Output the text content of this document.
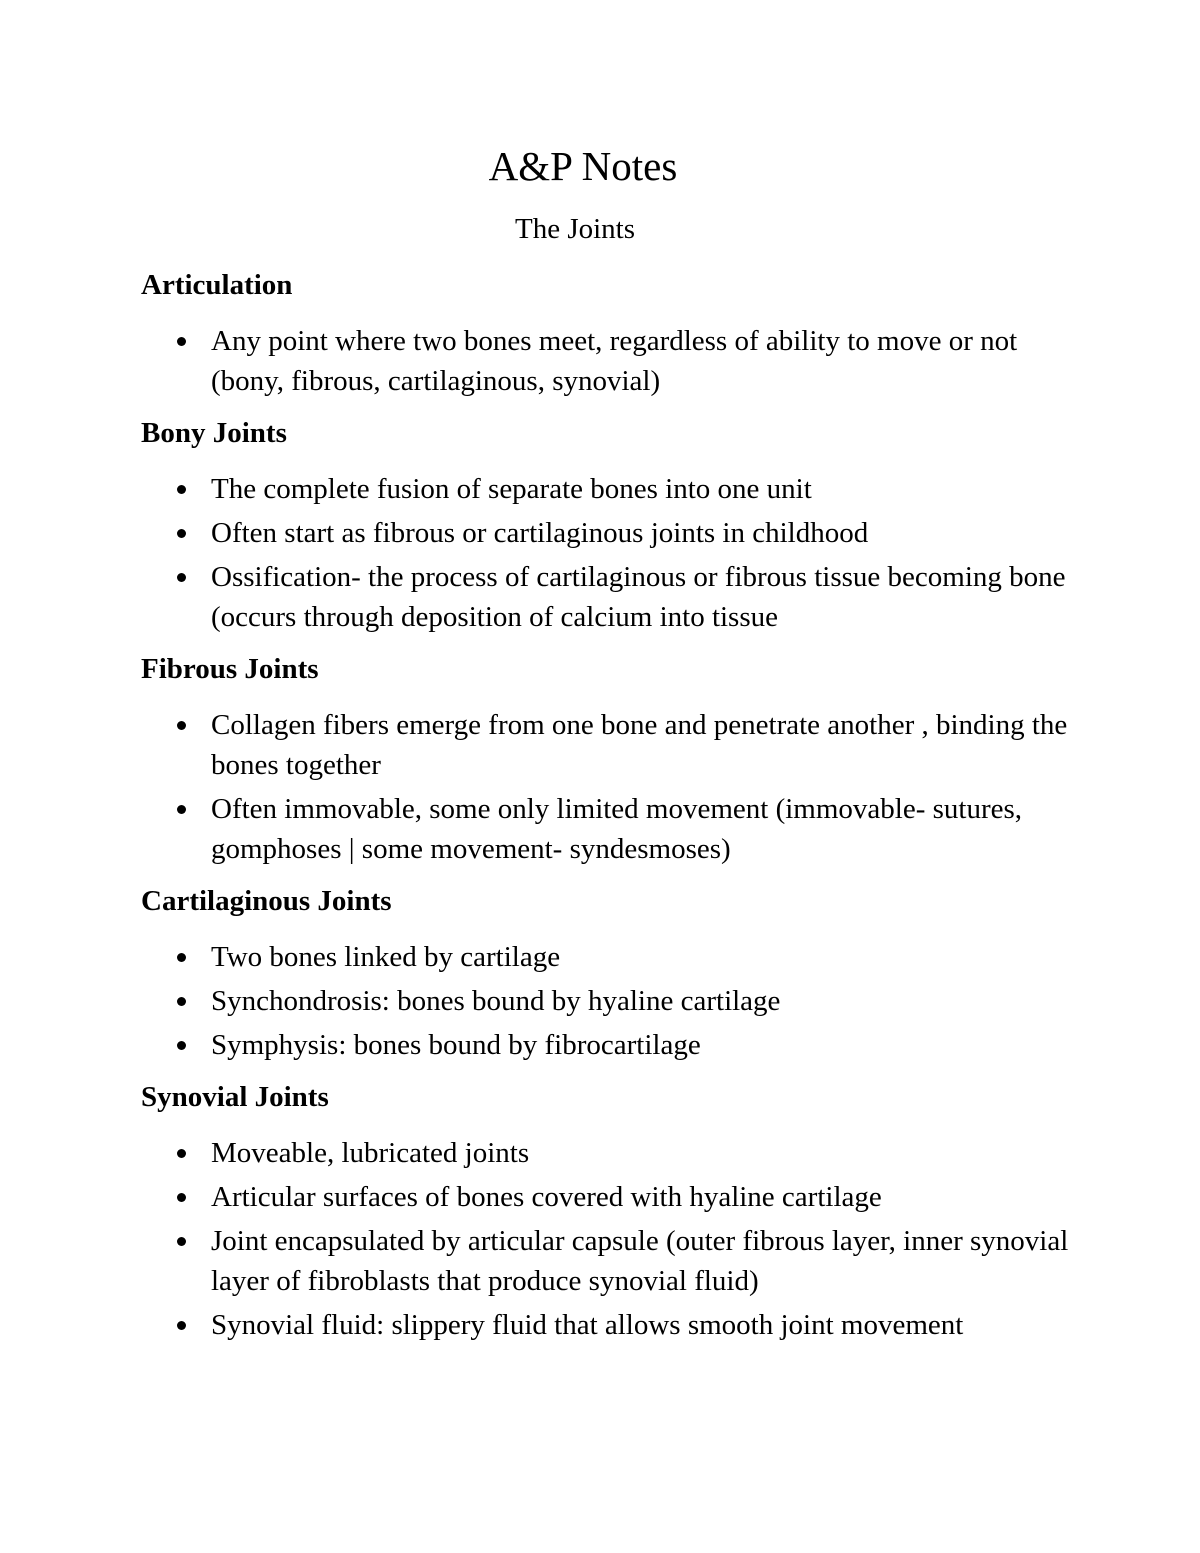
A&P Notes

The Joints

Articulation
Any point where two bones meet, regardless of ability to move or not (bony, fibrous, cartilaginous, synovial)
Bony Joints
The complete fusion of separate bones into one unit
Often start as fibrous or cartilaginous joints in childhood
Ossification- the process of cartilaginous or fibrous tissue becoming bone (occurs through deposition of calcium into tissue
Fibrous Joints
Collagen fibers emerge from one bone and penetrate another , binding the bones together
Often immovable, some only limited movement (immovable- sutures, gomphoses | some movement- syndesmoses)
Cartilaginous Joints
Two bones linked by cartilage
Synchondrosis: bones bound by hyaline cartilage
Symphysis: bones bound by fibrocartilage
Synovial Joints
Moveable, lubricated joints
Articular surfaces of bones covered with hyaline cartilage
Joint encapsulated by articular capsule (outer fibrous layer, inner synovial layer of fibroblasts that produce synovial fluid)
Synovial fluid: slippery fluid that allows smooth joint movement
